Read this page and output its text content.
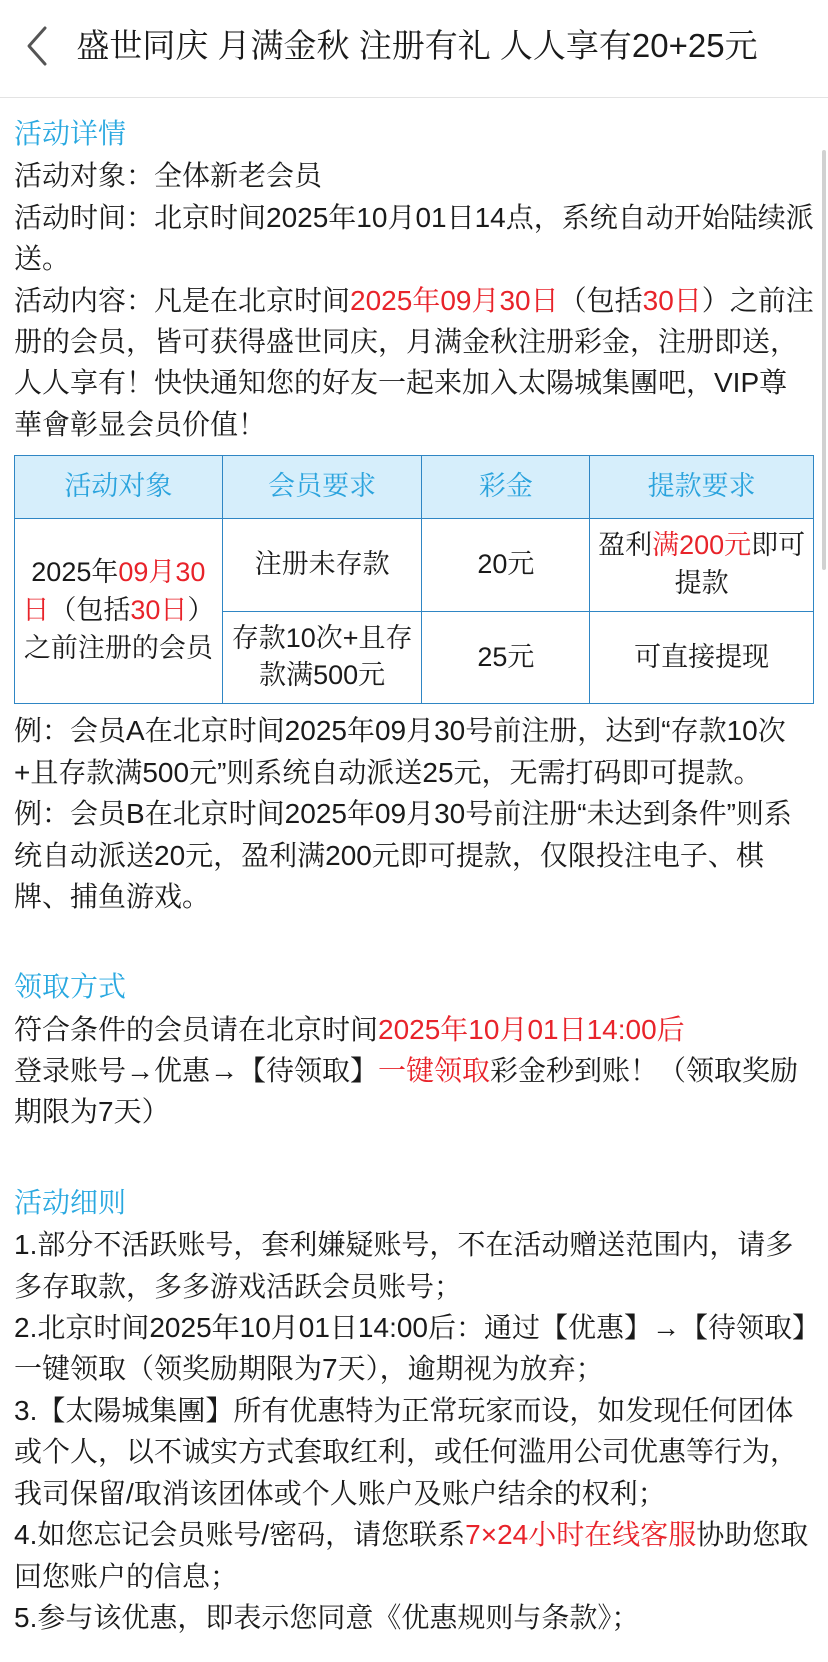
盛世同庆 月满金秋 注册有礼 人人享有20+25元
活动详情

活动对象：全体新老会员

活动时间：北京时间2025年10月01日14点，系统自动开始陆续派送。

活动内容：凡是在北京时间2025年09月30日（包括30日）之前注册的会员，皆可获得盛世同庆，月满金秋注册彩金，注册即送，人人享有！快快通知您的好友一起来加入太陽城集團吧，VIP尊華會彰显会员价值！

活动对象	会员要求	彩金	提款要求
2025年09月30日（包括30日）之前注册的会员	注册未存款	20元	盈利满200元即可提款
	存款10次+且存款满500元	25元	可直接提现

例：会员A在北京时间2025年09月30号前注册，达到“存款10次+且存款满500元”则系统自动派送25元，无需打码即可提款。

例：会员B在北京时间2025年09月30号前注册“未达到条件”则系统自动派送20元，盈利满200元即可提款，仅限投注电子、棋牌、捕鱼游戏。

领取方式

符合条件的会员请在北京时间2025年10月01日14:00后

登录账号→优惠→【待领取】一键领取彩金秒到账！（领取奖励期限为7天）

活动细则

1.部分不活跃账号，套利嫌疑账号，不在活动赠送范围内，请多多存取款，多多游戏活跃会员账号；

2.北京时间2025年10月01日14:00后：通过【优惠】→【待领取】一键领取（领奖励期限为7天），逾期视为放弃；

3.【太陽城集團】所有优惠特为正常玩家而设，如发现任何团体或个人，以不诚实方式套取红利，或任何滥用公司优惠等行为，我司保留/取消该团体或个人账户及账户结余的权利；

4.如您忘记会员账号/密码，请您联系7×24小时在线客服协助您取回您账户的信息；

5.参与该优惠，即表示您同意《优惠规则与条款》；
